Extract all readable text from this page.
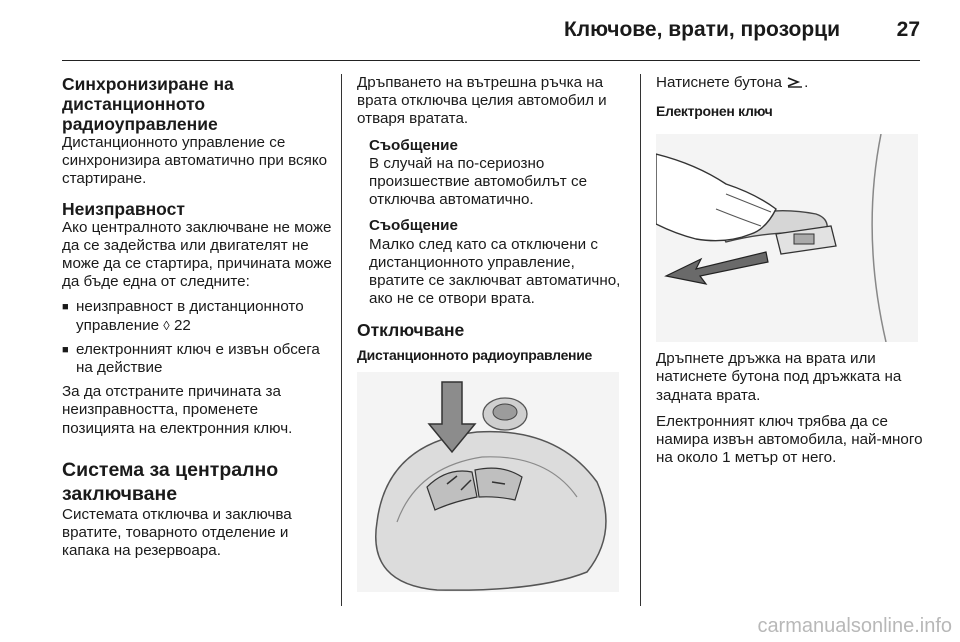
Ключове, врати, прозорци	27
Синхронизиране на дистанционното радиоуправление

Дистанционното управление се синхронизира автоматично при всяко стартиране.

Неизправност

Ако централното заключване не може да се задейства или двигателят не може да се стартира, причината може да бъде една от следните:

■ неизправност в дистанционното управление ◊ 22
■ електронният ключ е извън обсега на действие

За да отстраните причината за неизправността, променете позицията на електронния ключ.

Система за централно заключване

Системата отключва и заключва вратите, товарното отделение и капака на резервоара.

Дръпването на вътрешна ръчка на врата отключва целия автомобил и отваря вратата.

Съобщение
В случай на по-сериозно произшествие автомобилът се отключва автоматично.
Съобщение
Малко след като са отключени с дистанционното управление, вратите се заключват автоматично, ако не се отвори врата.
Отключване
Дистанционното радиоуправление

Натиснете бутона .

Електронен ключ

Дръпнете дръжка на врата или натиснете бутона под дръжката на задната врата.

Електронният ключ трябва да се намира извън автомобила, най-много на около 1 метър от него.

carmanualsonline.info
